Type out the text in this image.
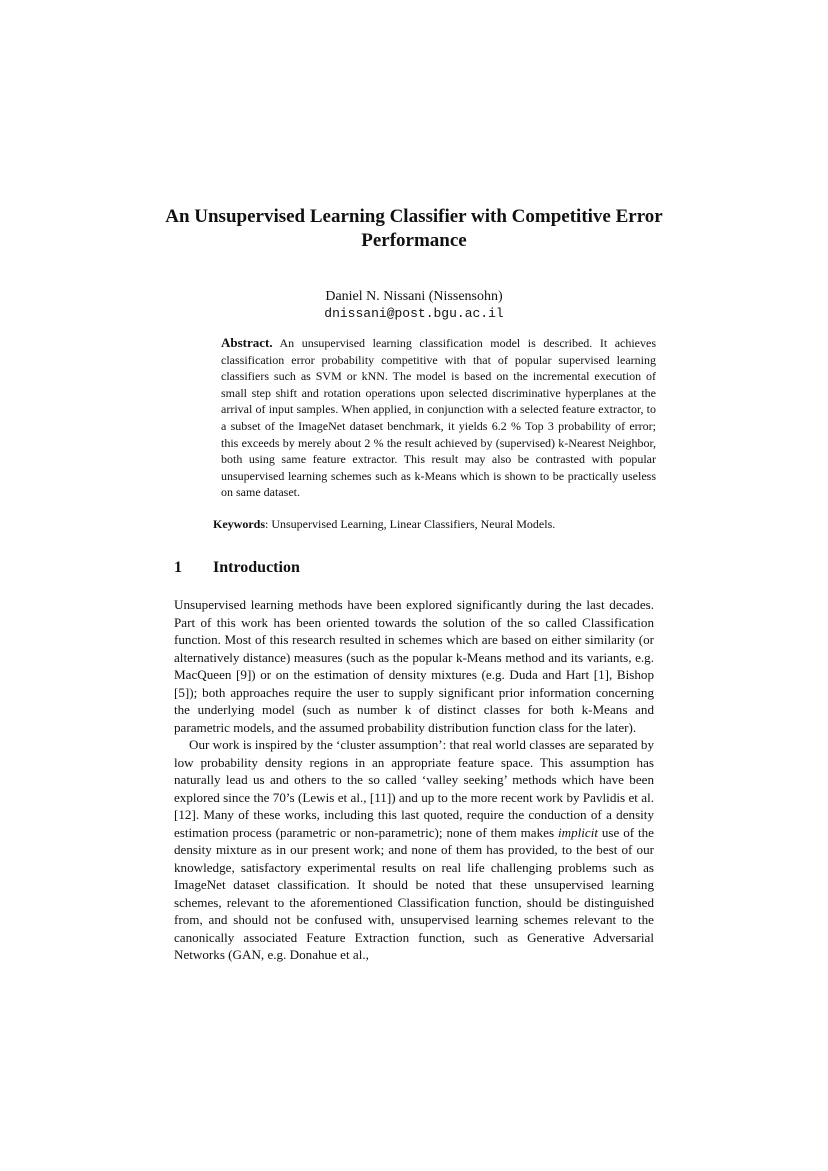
An Unsupervised Learning Classifier with Competitive Error Performance
Daniel N. Nissani (Nissensohn)
dnissani@post.bgu.ac.il

Abstract. An unsupervised learning classification model is described. It achieves classification error probability competitive with that of popular supervised learning classifiers such as SVM or kNN. The model is based on the incremental execution of small step shift and rotation operations upon selected discriminative hyperplanes at the arrival of input samples. When applied, in conjunction with a selected feature extractor, to a subset of the ImageNet dataset benchmark, it yields 6.2 % Top 3 probability of error; this exceeds by merely about 2 % the result achieved by (supervised) k-Nearest Neighbor, both using same feature extractor. This result may also be contrasted with popular unsupervised learning schemes such as k-Means which is shown to be practically useless on same dataset.

Keywords: Unsupervised Learning, Linear Classifiers, Neural Models.

1 Introduction

Unsupervised learning methods have been explored significantly during the last decades. Part of this work has been oriented towards the solution of the so called Classification function. Most of this research resulted in schemes which are based on either similarity (or alternatively distance) measures (such as the popular k-Means method and its variants, e.g. MacQueen [9]) or on the estimation of density mixtures (e.g. Duda and Hart [1], Bishop [5]); both approaches require the user to supply significant prior information concerning the underlying model (such as number k of distinct classes for both k-Means and parametric models, and the assumed probability distribution function class for the later).

Our work is inspired by the ‘cluster assumption’: that real world classes are separated by low probability density regions in an appropriate feature space. This assumption has naturally lead us and others to the so called ‘valley seeking’ methods which have been explored since the 70’s (Lewis et al., [11]) and up to the more recent work by Pavlidis et al. [12]. Many of these works, including this last quoted, require the conduction of a density estimation process (parametric or non-parametric); none of them makes implicit use of the density mixture as in our present work; and none of them has provided, to the best of our knowledge, satisfactory experimental results on real life challenging problems such as ImageNet dataset classification. It should be noted that these unsupervised learning schemes, relevant to the aforementioned Classification function, should be distinguished from, and should not be confused with, unsupervised learning schemes relevant to the canonically associated Feature Extraction function, such as Generative Adversarial Networks (GAN, e.g. Donahue et al.,
